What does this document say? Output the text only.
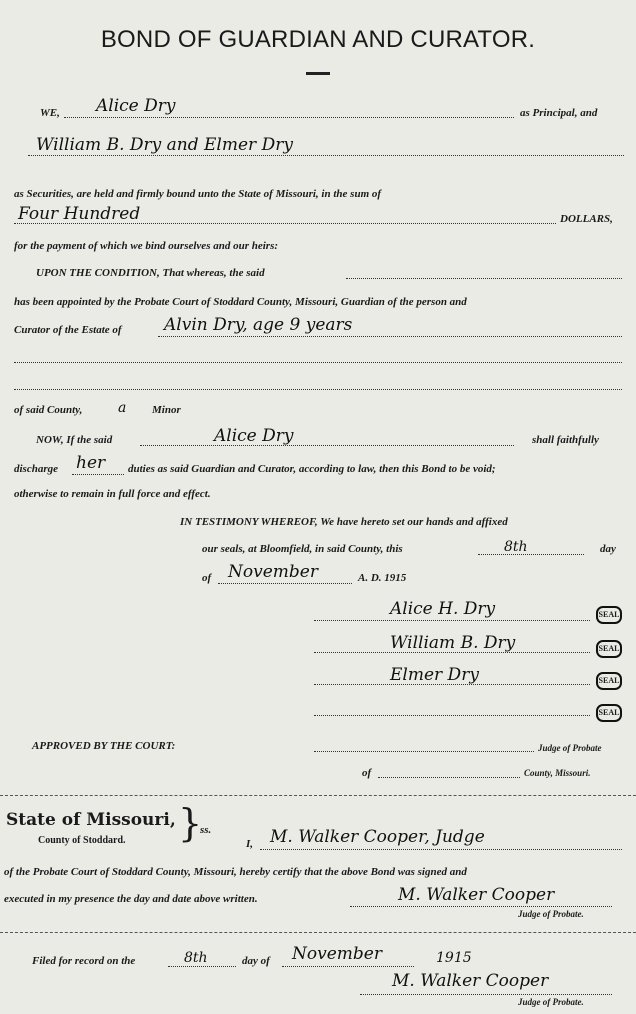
BOND OF GUARDIAN AND CURATOR.
WE, Alice Dry	as Principal, and
William B. Dry and Elmer Dry
as Securities, are held and firmly bound unto the State of Missouri, in the sum of
Four Hundred	DOLLARS,
for the payment of which we bind ourselves and our heirs:
UPON THE CONDITION, That whereas, the said
has been appointed by the Probate Court of Stoddard County, Missouri, Guardian of the person and
Curator of the Estate of Alvin Dry, age 9 years
of said County,	a Minor
NOW, If the said	Alice Dry	shall faithfully
discharge her duties as said Guardian and Curator, according to law, then this Bond to be void;
otherwise to remain in full force and effect.
IN TESTIMONY WHEREOF, We have hereto set our hands and affixed
our seals, at Bloomfield, in said County, this	8th	day
of November	A. D. 1915
Alice H. Dry	SEAL
William B. Dry	SEAL
Elmer Dry	SEAL
SEAL
APPROVED BY THE COURT:	Judge of Probate
of	County, Missouri.
State of Missouri,
County of Stoddard. }
ss.
I, M. Walker Cooper, Judge
of the Probate Court of Stoddard County, Missouri, hereby certify that the above Bond was signed and
executed in my presence the day and date above written.	M. Walker Cooper
Judge of Probate.
Filed for record on the	8th	day of November	1915
M. Walker Cooper
Judge of Probate.
